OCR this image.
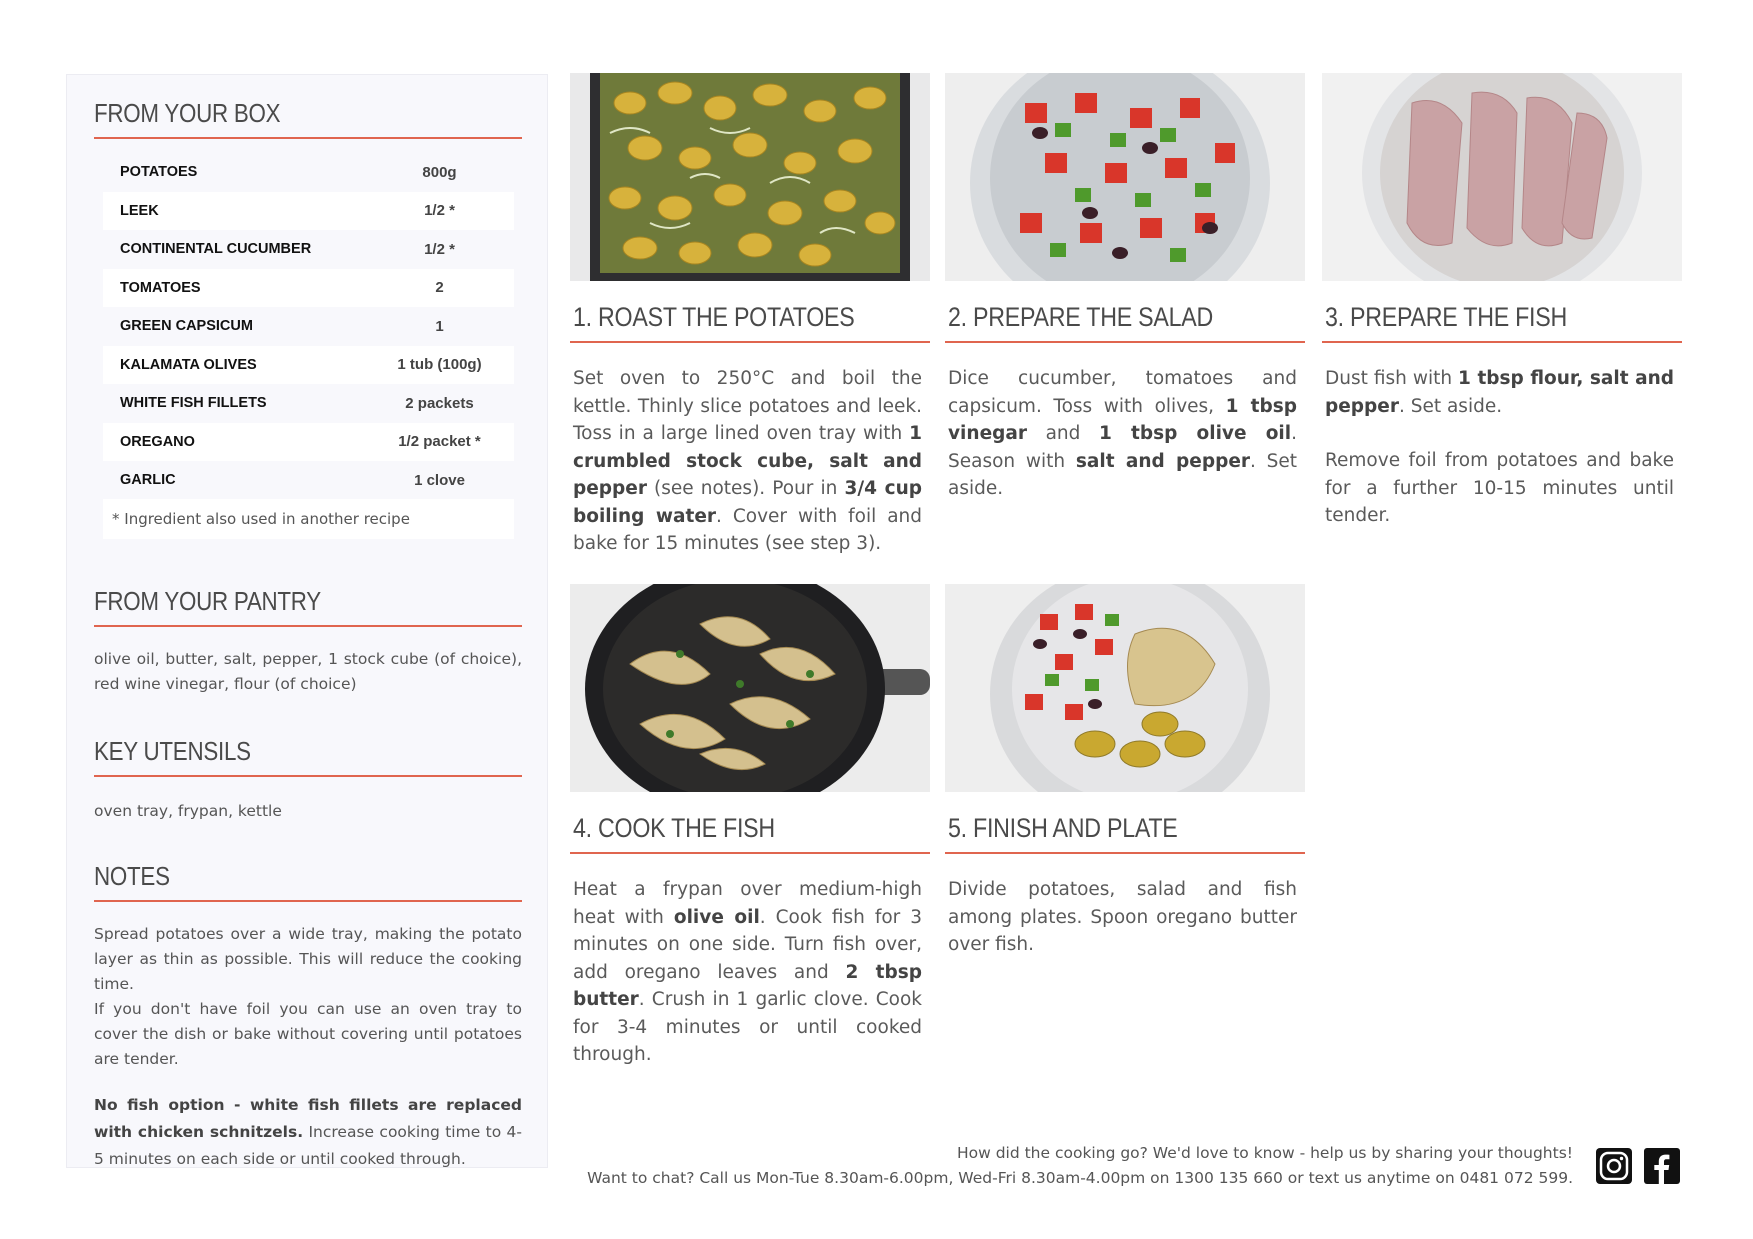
FROM YOUR BOX
POTATOES	800g
LEEK	1/2 *
CONTINENTAL CUCUMBER	1/2 *
TOMATOES	2
GREEN CAPSICUM	1
KALAMATA OLIVES	1 tub (100g)
WHITE FISH FILLETS	2 packets
OREGANO	1/2 packet *
GARLIC	1 clove
* Ingredient also used in another recipe
FROM YOUR PANTRY

olive oil, butter, salt, pepper, 1 stock cube (of choice), red wine vinegar, flour (of choice)

KEY UTENSILS

oven tray, frypan, kettle

NOTES

Spread potatoes over a wide tray, making the potato layer as thin as possible. This will reduce the cooking time.

If you don't have foil you can use an oven tray to cover the dish or bake without covering until potatoes are tender.

No fish option - white fish fillets are replaced with chicken schnitzels. Increase cooking time to 4-5 minutes on each side or until cooked through.

1. ROAST THE POTATOES

Set oven to 250°C and boil the kettle. Thinly slice potatoes and leek. Toss in a large lined oven tray with 1 crumbled stock cube, salt and pepper (see notes). Pour in 3/4 cup boiling water. Cover with foil and bake for 15 minutes (see step 3).

2. PREPARE THE SALAD

Dice cucumber, tomatoes and capsicum. Toss with olives, 1 tbsp vinegar and 1 tbsp olive oil. Season with salt and pepper. Set aside.

3. PREPARE THE FISH

Dust fish with 1 tbsp flour, salt and pepper. Set aside.

Remove foil from potatoes and bake for a further 10-15 minutes until tender.

4. COOK THE FISH

Heat a frypan over medium-high heat with olive oil. Cook fish for 3 minutes on one side. Turn fish over, add oregano leaves and 2 tbsp butter. Crush in 1 garlic clove. Cook for 3-4 minutes or until cooked through.

5. FINISH AND PLATE

Divide potatoes, salad and fish among plates. Spoon oregano butter over fish.

How did the cooking go? We'd love to know - help us by sharing your thoughts!
Want to chat? Call us Mon-Tue 8.30am-6.00pm, Wed-Fri 8.30am-4.00pm on 1300 135 660 or text us anytime on 0481 072 599.
